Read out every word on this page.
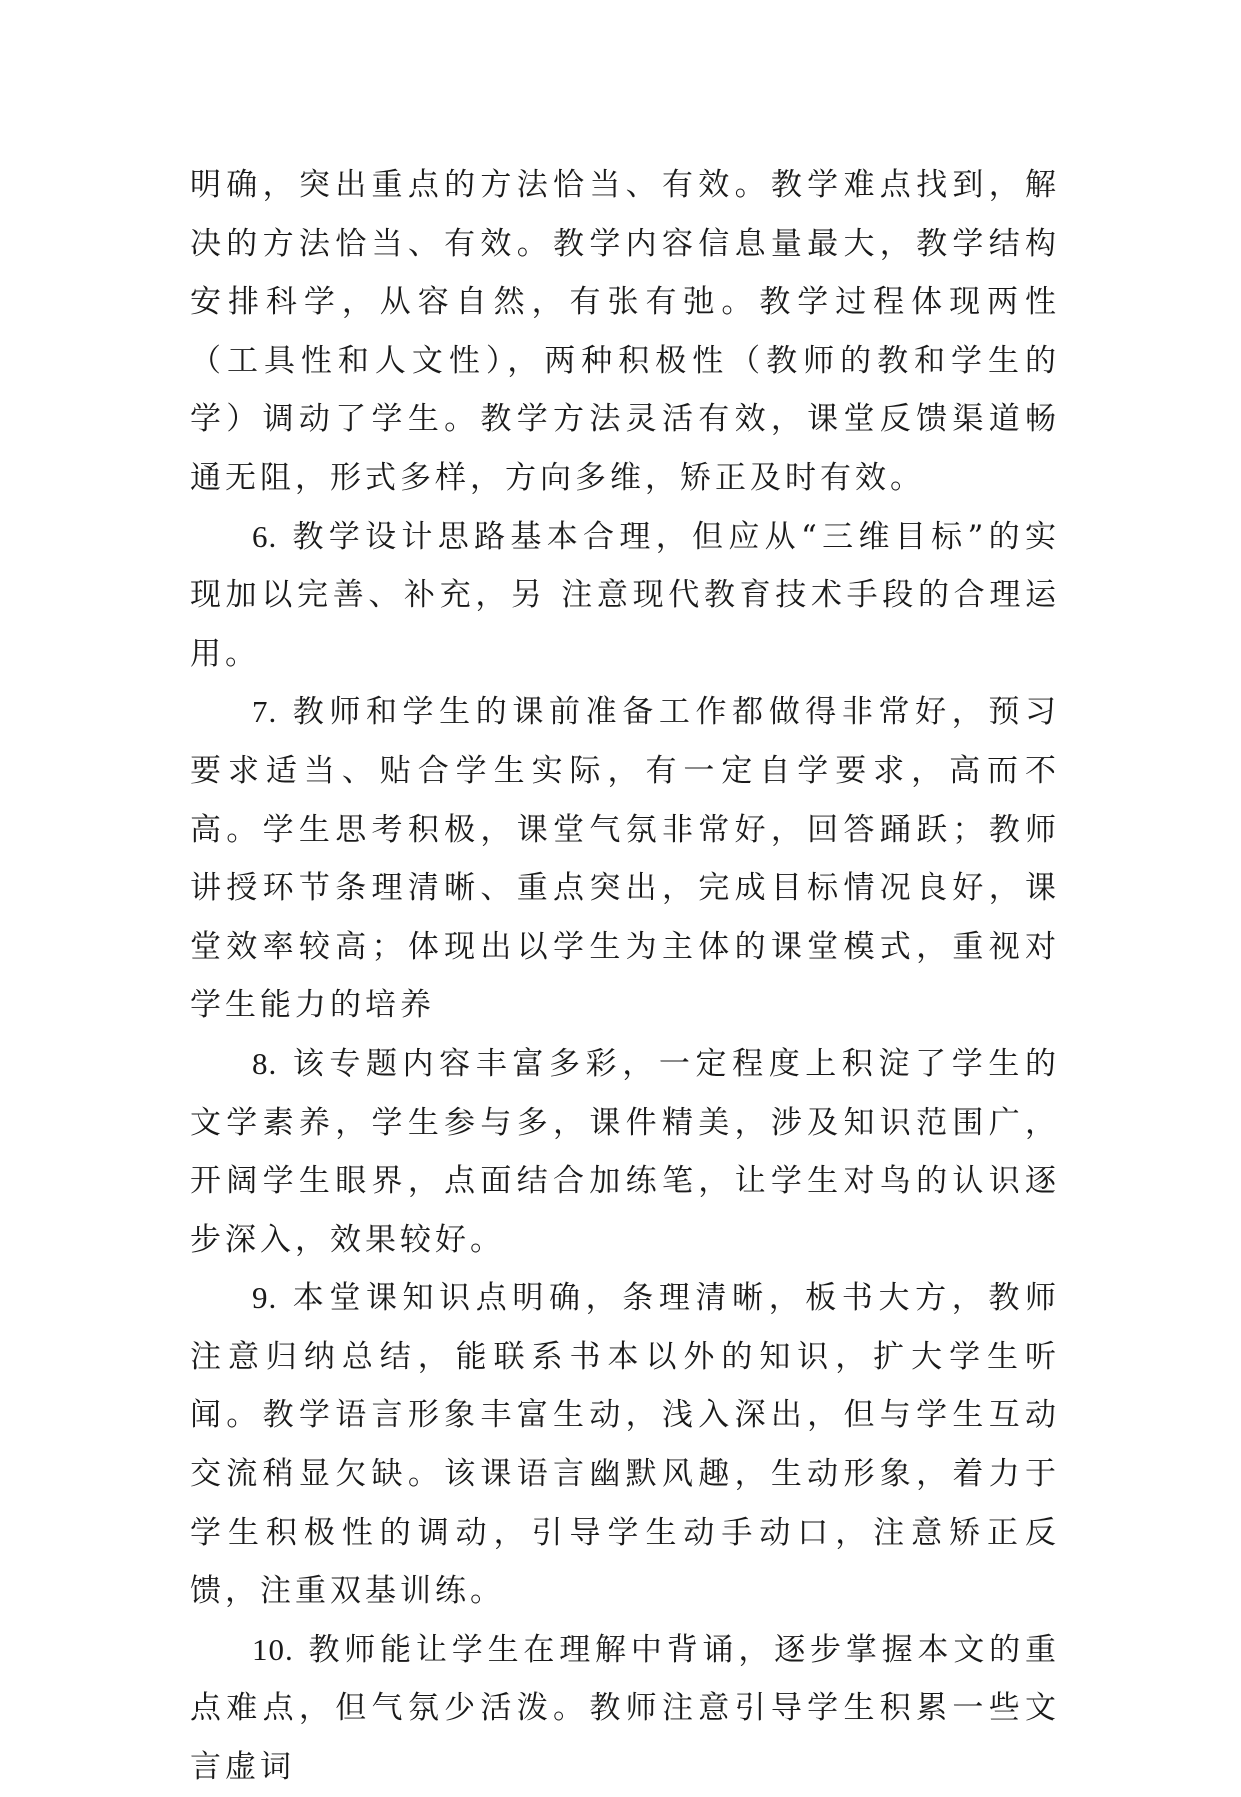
明确，突出重点的方法恰当、有效。教学难点找到，解决的方法恰当、有效。教学内容信息量最大，教学结构安排科学，从容自然，有张有弛。教学过程体现两性（工具性和人文性），两种积极性（教师的教和学生的学）调动了学生。教学方法灵活有效，课堂反馈渠道畅通无阻，形式多样，方向多维，矫正及时有效。

6. 教学设计思路基本合理，但应从“三维目标”的实现加以完善、补充，另 注意现代教育技术手段的合理运用。

7. 教师和学生的课前准备工作都做得非常好，预习要求适当、贴合学生实际，有一定自学要求，高而不高。学生思考积极，课堂气氛非常好，回答踊跃；教师讲授环节条理清晰、重点突出，完成目标情况良好，课堂效率较高；体现出以学生为主体的课堂模式，重视对学生能力的培养

8. 该专题内容丰富多彩，一定程度上积淀了学生的文学素养，学生参与多，课件精美，涉及知识范围广，开阔学生眼界，点面结合加练笔，让学生对鸟的认识逐步深入，效果较好。

9. 本堂课知识点明确，条理清晰，板书大方，教师注意归纳总结，能联系书本以外的知识，扩大学生听闻。教学语言形象丰富生动，浅入深出，但与学生互动交流稍显欠缺。该课语言幽默风趣，生动形象，着力于学生积极性的调动，引导学生动手动口，注意矫正反馈，注重双基训练。

10. 教师能让学生在理解中背诵，逐步掌握本文的重点难点，但气氛少活泼。教师注意引导学生积累一些文言虚词
